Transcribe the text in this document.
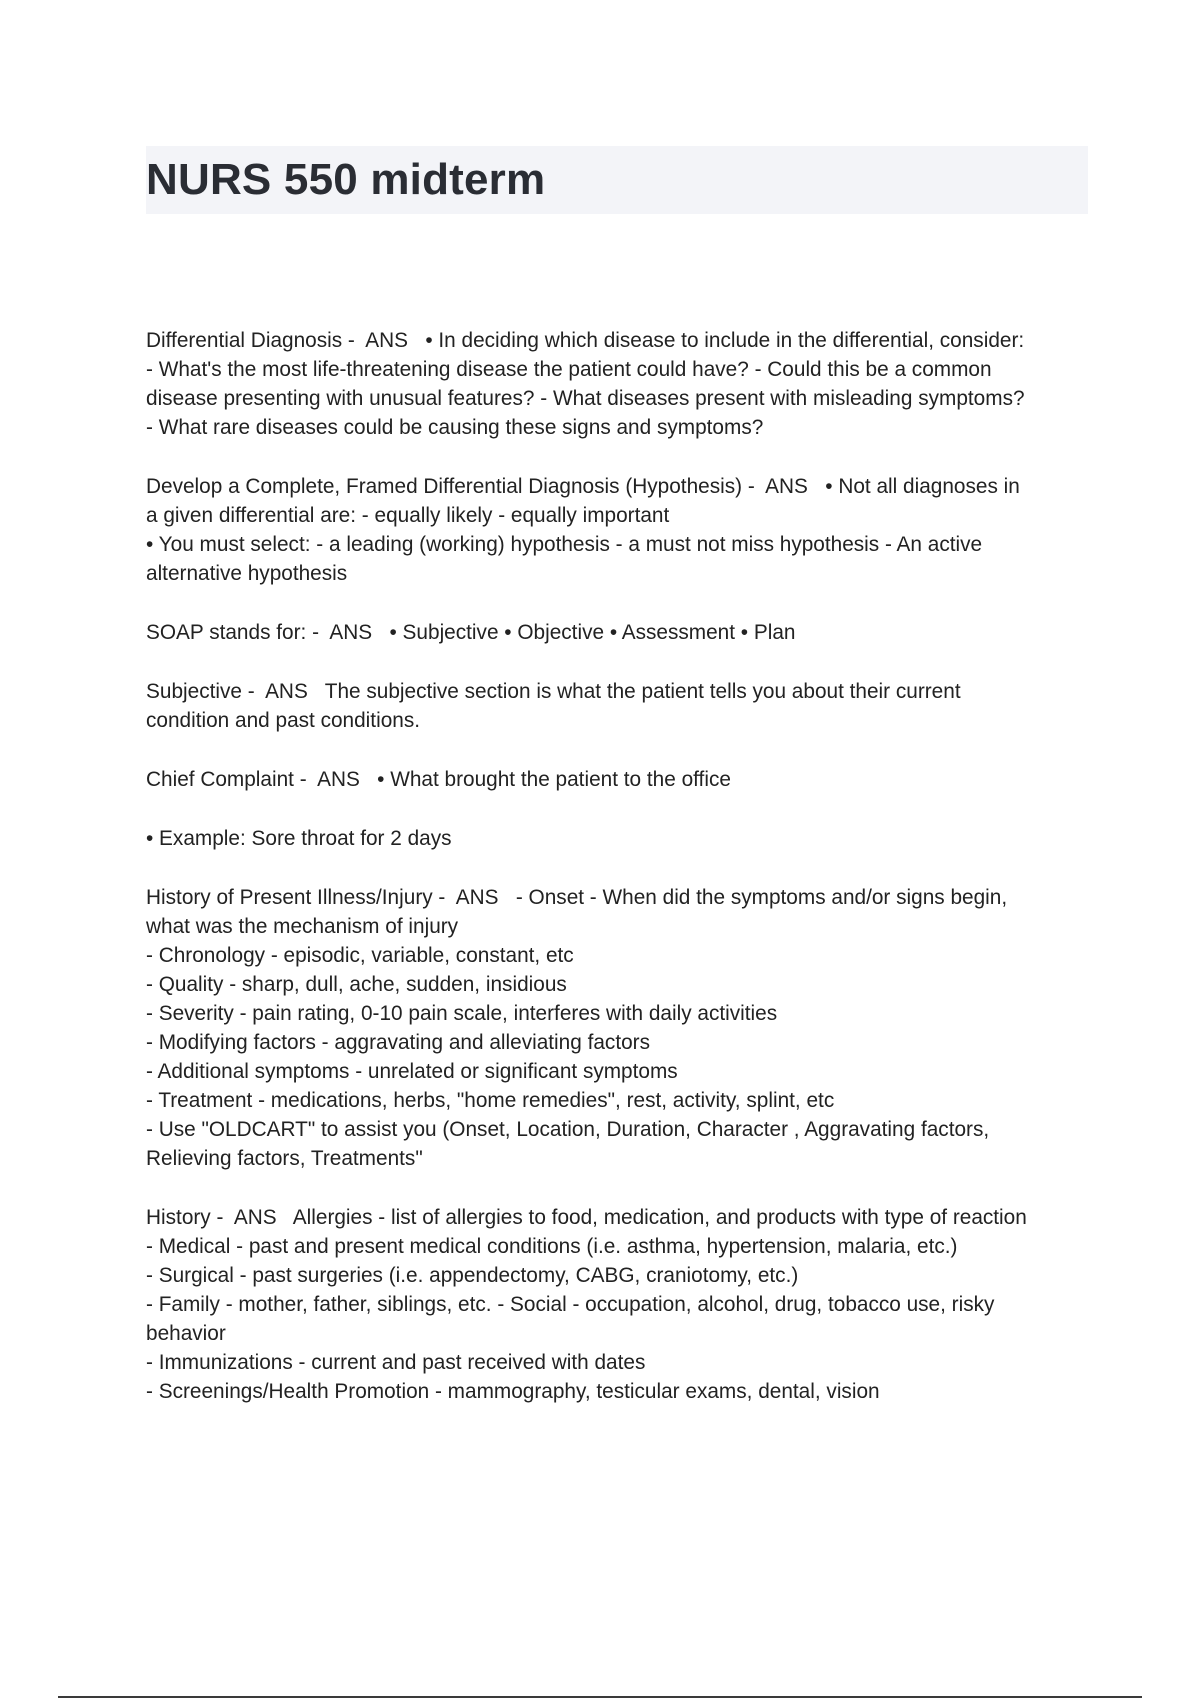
NURS 550 midterm
Differential Diagnosis -  ANS   • In deciding which disease to include in the differential, consider:
- What's the most life-threatening disease the patient could have? - Could this be a common
disease presenting with unusual features? - What diseases present with misleading symptoms?
- What rare diseases could be causing these signs and symptoms?
Develop a Complete, Framed Differential Diagnosis (Hypothesis) -  ANS   • Not all diagnoses in
a given differential are: - equally likely - equally important
• You must select: - a leading (working) hypothesis - a must not miss hypothesis - An active
alternative hypothesis
SOAP stands for: -  ANS   • Subjective • Objective • Assessment • Plan
Subjective -  ANS   The subjective section is what the patient tells you about their current
condition and past conditions.
Chief Complaint -  ANS   • What brought the patient to the office
• Example: Sore throat for 2 days
History of Present Illness/Injury -  ANS   - Onset - When did the symptoms and/or signs begin,
what was the mechanism of injury
- Chronology - episodic, variable, constant, etc
- Quality - sharp, dull, ache, sudden, insidious
- Severity - pain rating, 0-10 pain scale, interferes with daily activities
- Modifying factors - aggravating and alleviating factors
- Additional symptoms - unrelated or significant symptoms
- Treatment - medications, herbs, "home remedies", rest, activity, splint, etc
- Use "OLDCART" to assist you (Onset, Location, Duration, Character , Aggravating factors,
Relieving factors, Treatments"
History -  ANS   Allergies - list of allergies to food, medication, and products with type of reaction
- Medical - past and present medical conditions (i.e. asthma, hypertension, malaria, etc.)
- Surgical - past surgeries (i.e. appendectomy, CABG, craniotomy, etc.)
- Family - mother, father, siblings, etc. - Social - occupation, alcohol, drug, tobacco use, risky
behavior
- Immunizations - current and past received with dates
- Screenings/Health Promotion - mammography, testicular exams, dental, vision
